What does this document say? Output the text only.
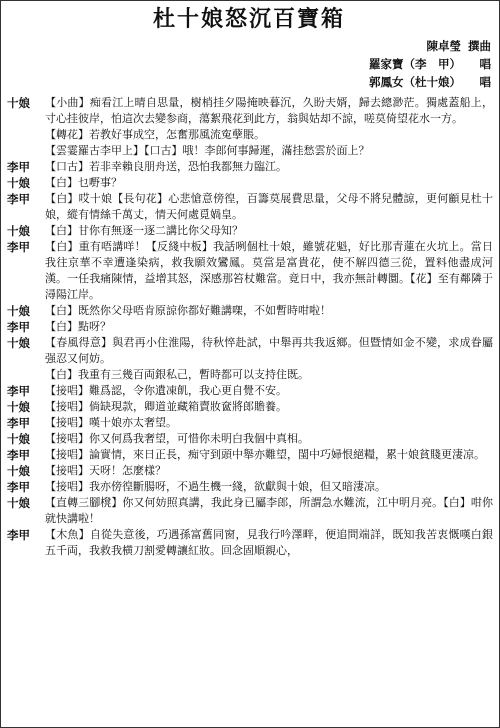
杜十娘怒沉百寶箱
陳卓瑩 撰曲
羅家寶（李　甲）	唱
郭鳳女（杜十娘）	唱
十娘	【小曲】痴看江上晴自思量，樹梢挂夕陽掩映暮沉，久盼夫婿，歸去總渺茫。獨處蓋船上，寸心挂彼岸，怕這次去變参商，蕩絮飛花到此方，翁與姑却不諒，嗟莫倚望花水一方。
【轉花】若教好事成空，怎奮那風流寃孽賬。
【雲霎羅古李甲上】【口古】哦！李郎何事歸遲，滿挂愁雲於面上？
李甲	【口古】若非幸賴良朋舟送，恐怕我都無力臨江。
十娘	【白】乜嘢事？
李甲	【白】哎十娘【長句花】心悲愴意傍徨，百籌莫展費思量，父母不將兒體諒，更何顧見杜十娘，縱有情絲千萬丈，情天何處覓媧皇。
十娘	【白】甘你有無逐一逐二講比你父母知？
李甲	【白】重有唔講咩！【反綫中板】我話咧個杜十娘，雖號花魁，好比那青蓮在火坑上。當日我往京華不幸遭逢染病，救我願效鸞鳳。莫當是富貴花，使不解四德三從，置料他盡成河漢。一任我痛陳情，益增其怒，深感那笞杖難當。竟日中，我亦無計轉圜。【花】至有鄰隣于潯陽江岸。
十娘	【白】既然你父母唔肯原諒你都好難講㗎，不如暫時咁啦！
李甲	【白】點呀？
十娘	【春風得意】與君再小住淮陽，待秋悴赴試，中舉再共我返鄉。但暨情如金不變，求成眷屬强忍又何妨。
【白】我重有三幾百両銀私己，暫時都可以支持住既。
李甲	【接唱】難爲認，令你遺凍飢，我心更自覺不安。
十娘	【接唱】倘缺現款，卿道並藏箱賣妝奩將郎贍養。
李甲	【接唱】嘆十娘亦太奢望。
十娘	【接唱】你又何爲我奢望，可惜你未明白我個中真相。
李甲	【接唱】論實情，來日正長，痴守到頭中舉亦難望，閨中巧婦恨絕糧，累十娘貧賤更淒凉。
十娘	【接唱】天呀！怎麼樣？
李甲	【接唱】我亦傍徨斷腸呀，不過生機一綫，欲獻與十娘，但又暗淒凉。
十娘	【直轉三腳櫈】你又何妨照真講，我此身已屬李郎，所謂急水難流，江中明月亮。【白】咁你就快講啦！
李甲	【木魚】自從失意後，巧遇孫富舊同窗，見我行吟澤畔，便追問端詳，既知我苦衷慨嘆白銀五千両，我救我横刀割愛轉讓紅妝。回念固順親心，
